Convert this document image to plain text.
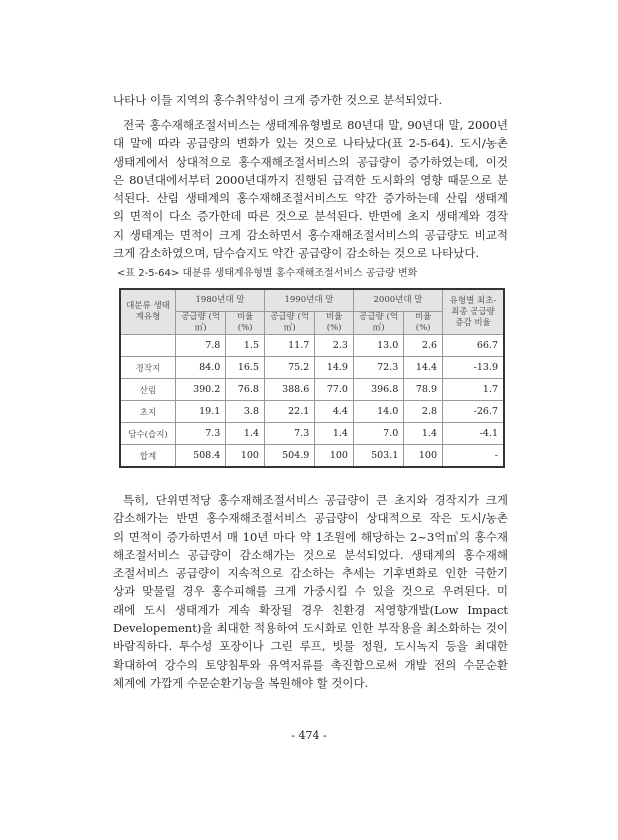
나타나 이들 지역의 홍수취약성이 크게 증가한 것으로 분석되었다.
전국 홍수재해조절서비스는 생태계유형별로 80년대 말, 90년대 말, 2000년
대 말에 따라 공급량의 변화가 있는 것으로 나타났다(표 2-5-64). 도시/농촌
생태계에서 상대적으로 홍수재해조절서비스의 공급량이 증가하였는데, 이것
은 80년대에서부터 2000년대까지 진행된 급격한 도시화의 영향 때문으로 분
석된다. 산림 생태계의 홍수재해조절서비스도 약간 증가하는데 산림 생태계
의 면적이 다소 증가한데 따른 것으로 분석된다. 반면에 초지 생태계와 경작
지 생태계는 면적이 크게 감소하면서 홍수재해조절서비스의 공급량도 비교적
크게 감소하였으며, 담수습지도 약간 공급량이 감소하는 것으로 나타났다.
<표 2-5-64> 대분류 생태계유형별 홍수재해조절서비스 공급량 변화
대분류 생태계유형	1980년대 말		1990년대 말		2000년대 말		유형별 최초-최종 공급량증감 비율
	공급량 (억㎥)	비율 (%)	공급량 (억㎥)	비율 (%)	공급량 (억㎥)	비율 (%)	
	7.8	1.5	11.7	2.3	13.0	2.6	66.7
경작지	84.0	16.5	75.2	14.9	72.3	14.4	-13.9
산림	390.2	76.8	388.6	77.0	396.8	78.9	1.7
초지	19.1	3.8	22.1	4.4	14.0	2.8	-26.7
담수(습지)	7.3	1.4	7.3	1.4	7.0	1.4	-4.1
합계	508.4	100	504.9	100	503.1	100	-
특히, 단위면적당 홍수재해조절서비스 공급량이 큰 초지와 경작지가 크게
감소해가는 반면 홍수재해조절서비스 공급량이 상대적으로 작은 도시/농촌
의 면적이 증가하면서 매 10년 마다 약 1조원에 해당하는 2~3억㎥의 홍수재
해조절서비스 공급량이 감소해가는 것으로 분석되었다. 생태계의 홍수재해
조절서비스 공급량이 지속적으로 감소하는 추세는 기후변화로 인한 극한기
상과 맞물릴 경우 홍수피해를 크게 가중시킬 수 있을 것으로 우려된다. 미
래에 도시 생태계가 계속 확장될 경우 친환경 저영향개발(Low Impact
Developement)을 최대한 적용하여 도시화로 인한 부작용을 최소화하는 것이
바람직하다. 투수성 포장이나 그린 루프, 빗물 정원, 도시녹지 등을 최대한
확대하여 강수의 토양침투와 유역저류를 촉진함으로써 개발 전의 수문순환
체계에 가깝게 수문순환기능을 복원해야 할 것이다.
- 474 -
